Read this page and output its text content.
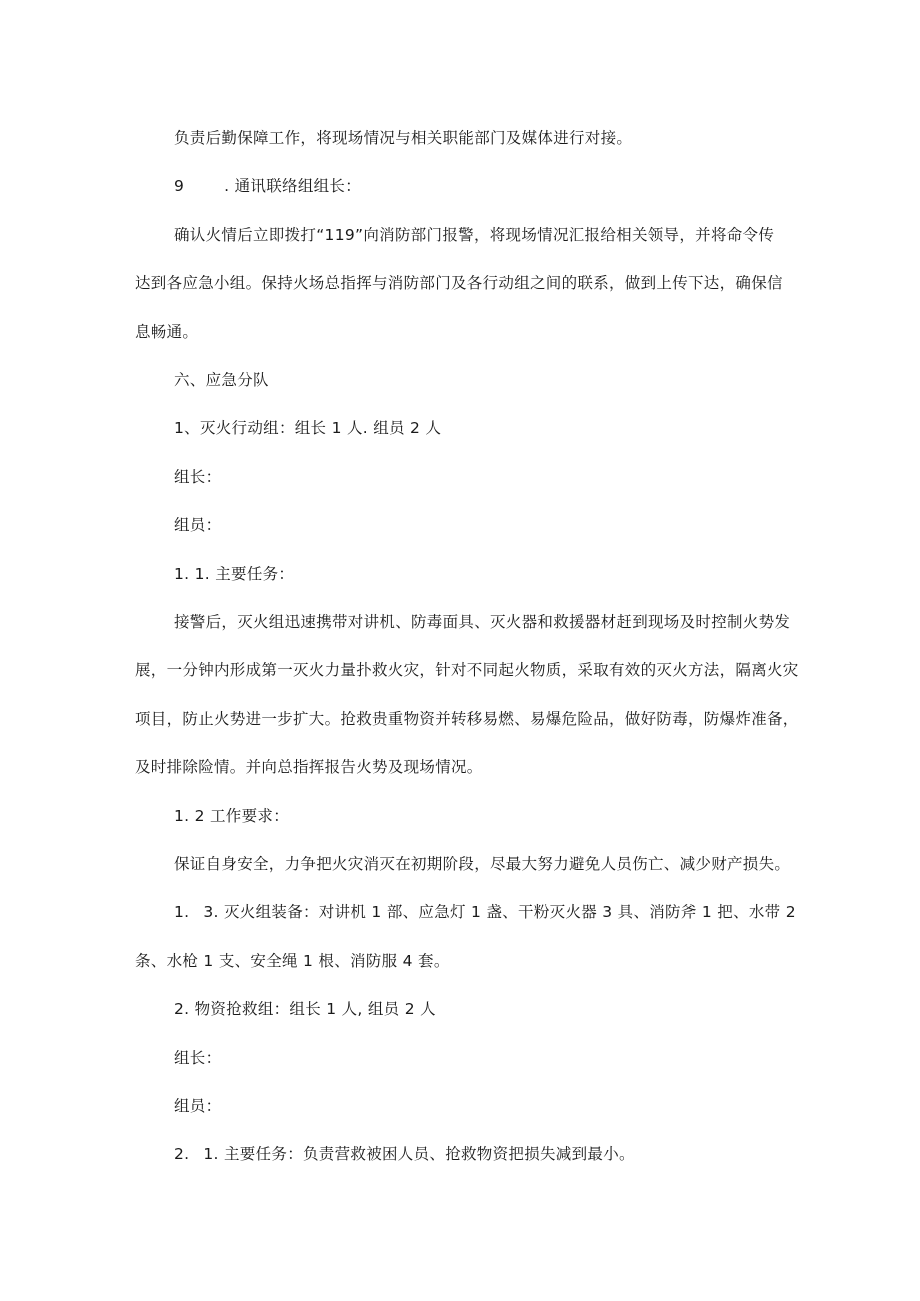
负责后勤保障工作，将现场情况与相关职能部门及媒体进行对接。
9	. 通讯联络组组长：
确认火情后立即拨打“119”向消防部门报警，将现场情况汇报给相关领导，并将命令传
达到各应急小组。保持火场总指挥与消防部门及各行动组之间的联系，做到上传下达，确保信
息畅通。
六、应急分队
1、灭火行动组：组长 1 人. 组员 2 人
组长：
组员：
1. 1. 主要任务：
接警后，灭火组迅速携带对讲机、防毒面具、灭火器和救援器材赶到现场及时控制火势发
展，一分钟内形成第一灭火力量扑救火灾，针对不同起火物质，采取有效的灭火方法，隔离火灾
项目，防止火势进一步扩大。抢救贵重物资并转移易燃、易爆危险品，做好防毒，防爆炸准备，
及时排除险情。并向总指挥报告火势及现场情况。
1. 2 工作要求：
保证自身安全，力争把火灾消灭在初期阶段，尽最大努力避免人员伤亡、减少财产损失。
1. 3. 灭火组装备：对讲机 1 部、应急灯 1 盏、干粉灭火器 3 具、消防斧 1 把、水带 2
条、水枪 1 支、安全绳 1 根、消防服 4 套。
2. 物资抢救组：组长 1 人, 组员 2 人
组长：
组员：
2. 1. 主要任务：负责营救被困人员、抢救物资把损失减到最小。
